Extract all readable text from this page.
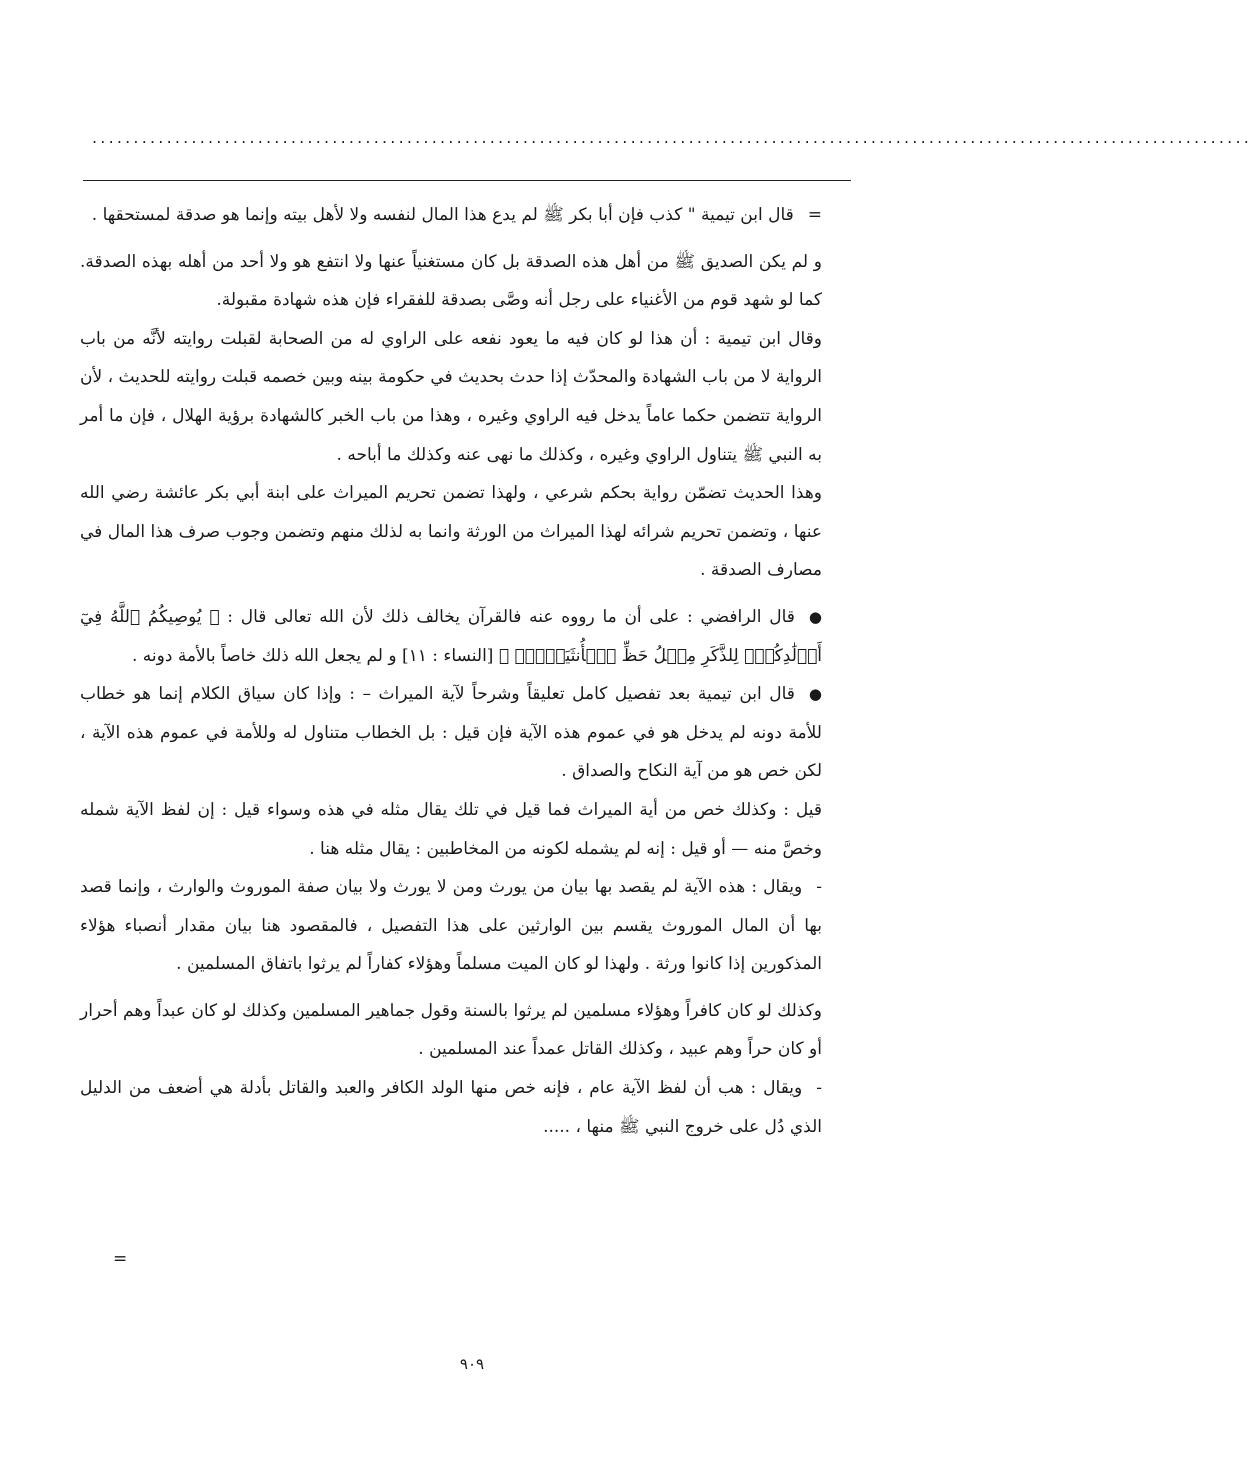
............................................................................................................................................

=قال ابن تيمية " كذب فإن أبا بكر ﷺ لم يدع هذا المال لنفسه ولا لأهل بيته وإنما هو صدقة لمستحقها .

و لم يكن الصديق ﷺ من أهل هذه الصدقة بل كان مستغنياً عنها ولا انتفع هو ولا أحد من أهله بهذه الصدقة. كما لو شهد قوم من الأغنياء على رجل أنه وصَّى بصدقة للفقراء فإن هذه شهادة مقبولة.

وقال ابن تيمية : أن هذا لو كان فيه ما يعود نفعه على الراوي له من الصحابة لقبلت روايته لأنَّه من باب الرواية لا من باب الشهادة والمحدّث إذا حدث بحديث في حكومة بينه وبين خصمه قبلت روايته للحديث ، لأن الرواية تتضمن حكما عاماً يدخل فيه الراوي وغيره ، وهذا من باب الخبر كالشهادة برؤية الهلال ، فإن ما أمر به النبي ﷺ يتناول الراوي وغيره ، وكذلك ما نهى عنه وكذلك ما أباحه .

وهذا الحديث تضمّن رواية بحكم شرعي ، ولهذا تضمن تحريم الميراث على ابنة أبي بكر عائشة رضي الله عنها ، وتضمن تحريم شرائه لهذا الميراث من الورثة وانما به لذلك منهم وتضمن وجوب صرف هذا المال في مصارف الصدقة .

●قال الرافضي : على أن ما رووه عنه فالقرآن يخالف ذلك لأن الله تعالى قال : ﴿ يُوصِيكُمُ ٱللَّهُ فِيٓ أَوۡلَٰدِكُمۡۖ لِلذَّكَرِ مِثۡلُ حَظِّ ٱلۡأُنثَيَيۡنِۚ ﴾ [النساء : ١١] و لم يجعل الله ذلك خاصاً بالأمة دونه .

●قال ابن تيمية بعد تفصيل كامل تعليقاً وشرحاً لآية الميراث – : وإذا كان سياق الكلام إنما هو خطاب للأمة دونه لم يدخل هو في عموم هذه الآية فإن قيل : بل الخطاب متناول له وللأمة في عموم هذه الآية ، لكن خص هو من آية النكاح والصداق .

قيل : وكذلك خص من أية الميراث فما قيل في تلك يقال مثله في هذه وسواء قيل : إن لفظ الآية شمله وخصَّ منه — أو قيل : إنه لم يشمله لكونه من المخاطبين : يقال مثله هنا .

-ويقال : هذه الآية لم يقصد بها بيان من يورث ومن لا يورث ولا بيان صفة الموروث والوارث ، وإنما قصد بها أن المال الموروث يقسم بين الوارثين على هذا التفصيل ، فالمقصود هنا بيان مقدار أنصباء هؤلاء المذكورين إذا كانوا ورثة . ولهذا لو كان الميت مسلماً وهؤلاء كفاراً لم يرثوا باتفاق المسلمين .

وكذلك لو كان كافراً وهؤلاء مسلمين لم يرثوا بالسنة وقول جماهير المسلمين وكذلك لو كان عبداً وهم أحرار أو كان حراً وهم عبيد ، وكذلك القاتل عمداً عند المسلمين .

-ويقال : هب أن لفظ الآية عام ، فإنه خص منها الولد الكافر والعبد والقاتل بأدلة هي أضعف من الدليل الذي دُل على خروج النبي ﷺ منها ، .....

=
٩٠٩
